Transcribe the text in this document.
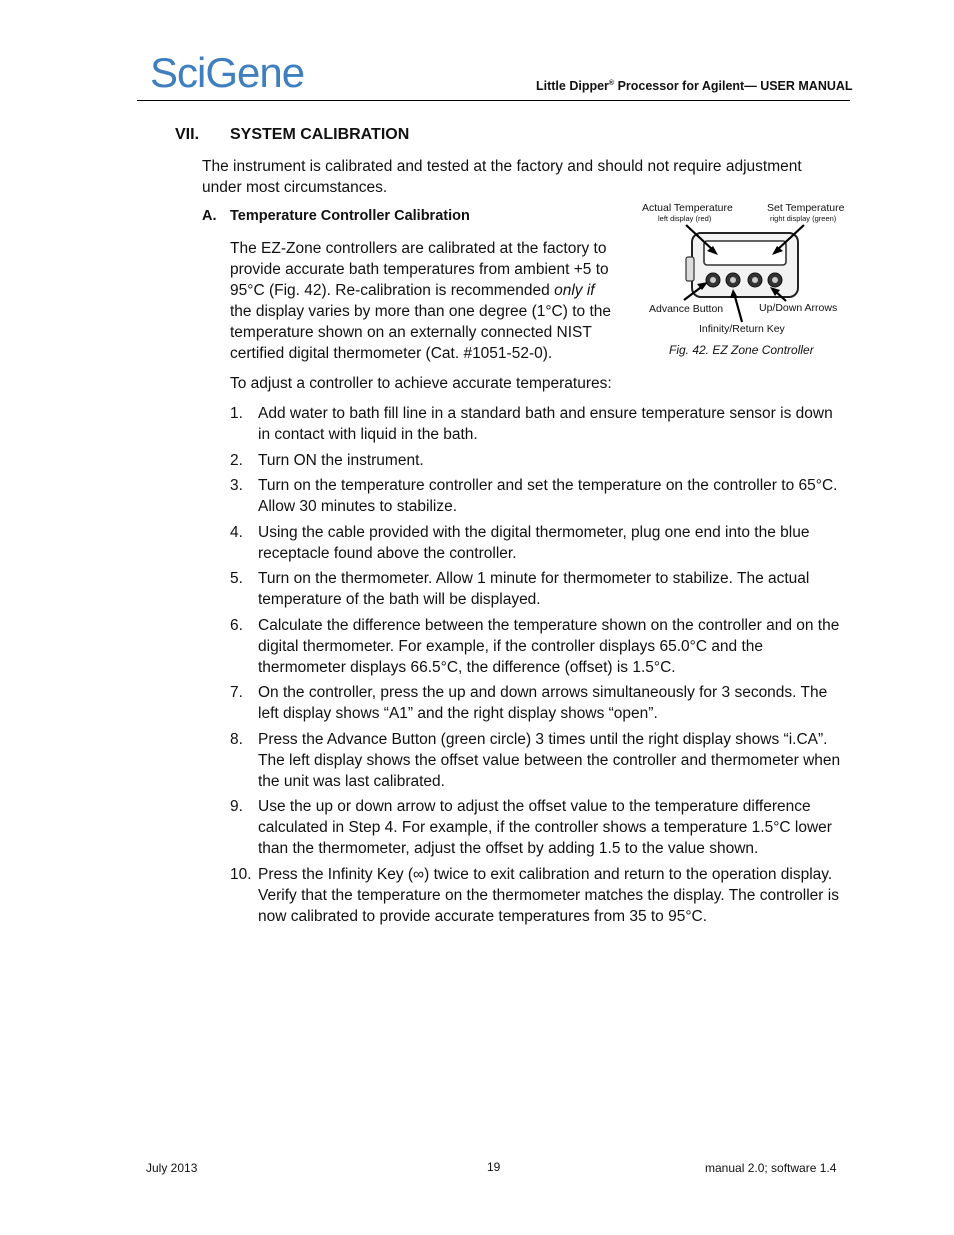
SciGene	Little Dipper® Processor for Agilent— USER MANUAL
VII. SYSTEM CALIBRATION
The instrument is calibrated and tested at the factory and should not require adjustment under most circumstances.
A. Temperature Controller Calibration
The EZ-Zone controllers are calibrated at the factory to provide accurate bath temperatures from ambient +5 to 95°C (Fig. 42). Re-calibration is recommended only if the display varies by more than one degree (1°C) to the temperature shown on an externally connected NIST certified digital thermometer (Cat. #1051-52-0).
Actual Temperature
left display (red)
Set Temperature
right display (green)
Advance Button	Up/Down Arrows
Infinity/Return Key
Fig. 42. EZ Zone Controller
To adjust a controller to achieve accurate temperatures:
1. Add water to bath fill line in a standard bath and ensure temperature sensor is down in contact with liquid in the bath.
2. Turn ON the instrument.
3. Turn on the temperature controller and set the temperature on the controller to 65°C. Allow 30 minutes to stabilize.
4. Using the cable provided with the digital thermometer, plug one end into the blue receptacle found above the controller.
5. Turn on the thermometer. Allow 1 minute for thermometer to stabilize. The actual temperature of the bath will be displayed.
6. Calculate the difference between the temperature shown on the controller and on the digital thermometer. For example, if the controller displays 65.0°C and the thermometer displays 66.5°C, the difference (offset) is 1.5°C.
7. On the controller, press the up and down arrows simultaneously for 3 seconds. The left display shows “A1” and the right display shows “open”.
8. Press the Advance Button (green circle) 3 times until the right display shows “i.CA”. The left display shows the offset value between the controller and thermometer when the unit was last calibrated.
9. Use the up or down arrow to adjust the offset value to the temperature difference calculated in Step 4. For example, if the controller shows a temperature 1.5°C lower than the thermometer, adjust the offset by adding 1.5 to the value shown.
10. Press the Infinity Key (∞) twice to exit calibration and return to the operation display. Verify that the temperature on the thermometer matches the display. The controller is now calibrated to provide accurate temperatures from 35 to 95°C.
July 2013	19	manual 2.0; software 1.4
